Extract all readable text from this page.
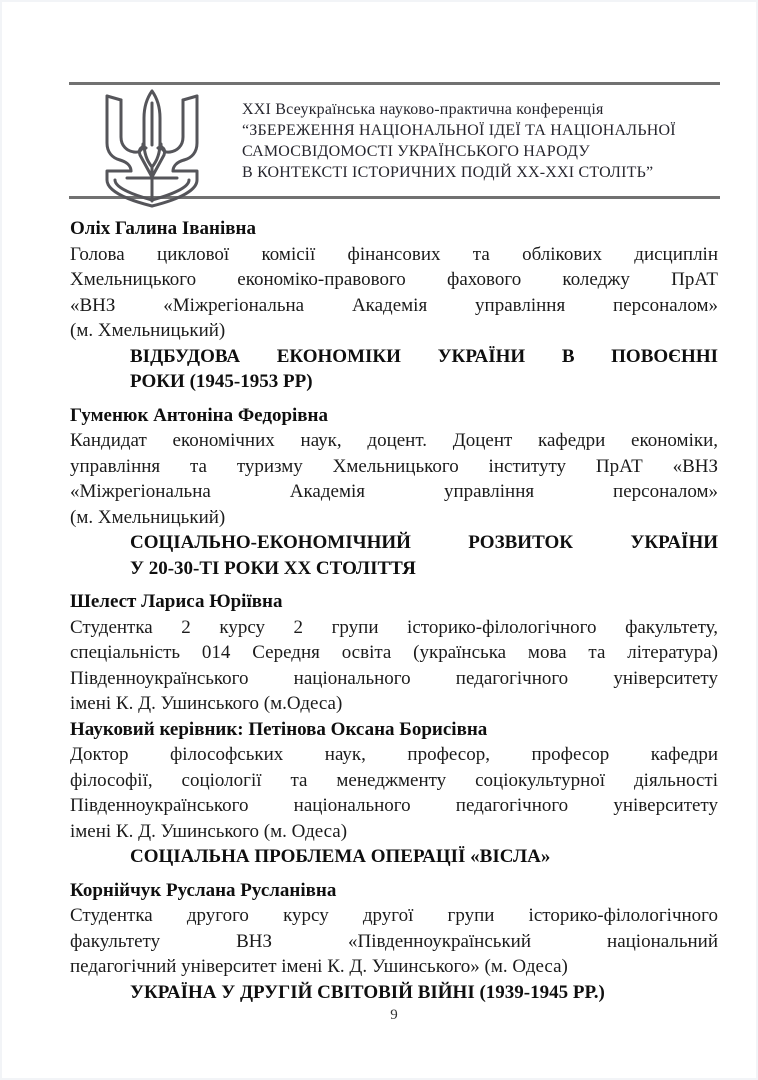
XXI Всеукраїнська науково-практична конференція
“ЗБЕРЕЖЕННЯ НАЦІОНАЛЬНОЇ ІДЕЇ ТА НАЦІОНАЛЬНОЇ
САМОСВІДОМОСТІ УКРАЇНСЬКОГО НАРОДУ
В КОНТЕКСТІ ІСТОРИЧНИХ ПОДІЙ ХХ-ХХІ СТОЛІТЬ”
Оліх Галина Іванівна
Голова циклової комісії фінансових та облікових дисциплін
Хмельницького економіко-правового фахового коледжу ПрАТ
«ВНЗ «Міжрегіональна Академія управління персоналом»
(м. Хмельницький)
ВІДБУДОВА ЕКОНОМІКИ УКРАЇНИ В ПОВОЄННІ
РОКИ (1945-1953 РР)
Гуменюк Антоніна Федорівна
Кандидат економічних наук, доцент. Доцент кафедри економіки,
управління та туризму Хмельницького інституту ПрАТ «ВНЗ
«Міжрегіональна Академія управління персоналом»
(м. Хмельницький)
СОЦІАЛЬНО-ЕКОНОМІЧНИЙ РОЗВИТОК УКРАЇНИ
У 20-30-ТІ РОКИ ХХ СТОЛІТТЯ
Шелест Лариса Юріївна
Студентка 2 курсу 2 групи історико-філологічного факультету,
спеціальність 014 Середня освіта (українська мова та література)
Південноукраїнського національного педагогічного університету
імені К. Д. Ушинського (м.Одеса)
Науковий керівник: Петінова Оксана Борисівна
Доктор філософських наук, професор, професор кафедри
філософії, соціології та менеджменту соціокультурної діяльності
Південноукраїнського національного педагогічного університету
імені К. Д. Ушинського (м. Одеса)
СОЦІАЛЬНА ПРОБЛЕМА ОПЕРАЦІЇ «ВІСЛА»
Корнійчук Руслана Русланівна
Студентка другого курсу другої групи історико-філологічного
факультету ВНЗ «Південноукраїнський національний
педагогічний університет імені К. Д. Ушинського» (м. Одеса)
УКРАЇНА У ДРУГІЙ СВІТОВІЙ ВІЙНІ (1939-1945 РР.)
9
